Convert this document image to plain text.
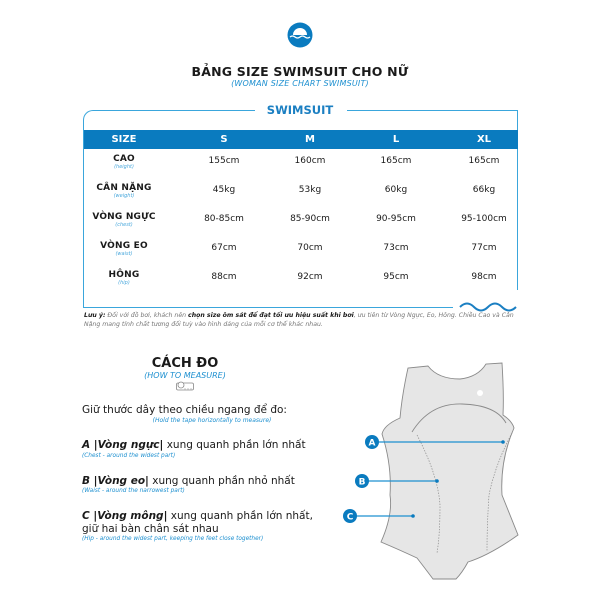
BẢNG SIZE SWIMSUIT CHO NỮ
(WOMAN SIZE CHART SWIMSUIT)
SWIMSUIT
SIZE	S	M	L	XL
CAO
(height)
155cm	160cm	165cm	165cm
CÂN NẶNG
(weight)
45kg	53kg	60kg	66kg
VÒNG NGỰC
(chest)
80-85cm	85-90cm	90-95cm	95-100cm
VÒNG EO
(waist)
67cm	70cm	73cm	77cm
HÔNG
(hip)
88cm	92cm	95cm	98cm
Lưu ý: Đối với đồ bơi, khách nên chọn size ôm sát để đạt tối ưu hiệu suất khi bơi, ưu tiên từ Vòng Ngực, Eo, Hông. Chiều Cao và Cân Nặng mang tính chất tương đối tuỳ vào hình dáng của mỗi cơ thể khác nhau.
CÁCH ĐO
(HOW TO MEASURE)
Giữ thước dây theo chiều ngang để đo:
(Hold the tape horizontally to measure)
A |Vòng ngực| xung quanh phần lớn nhất
(Chest - around the widest part)
B |Vòng eo| xung quanh phần nhỏ nhất
(Waist - around the narrowest part)
C |Vòng mông| xung quanh phần lớn nhất,
giữ hai bàn chân sát nhau
(Hip - around the widest part, keeping the feet close together)
A
B
C
